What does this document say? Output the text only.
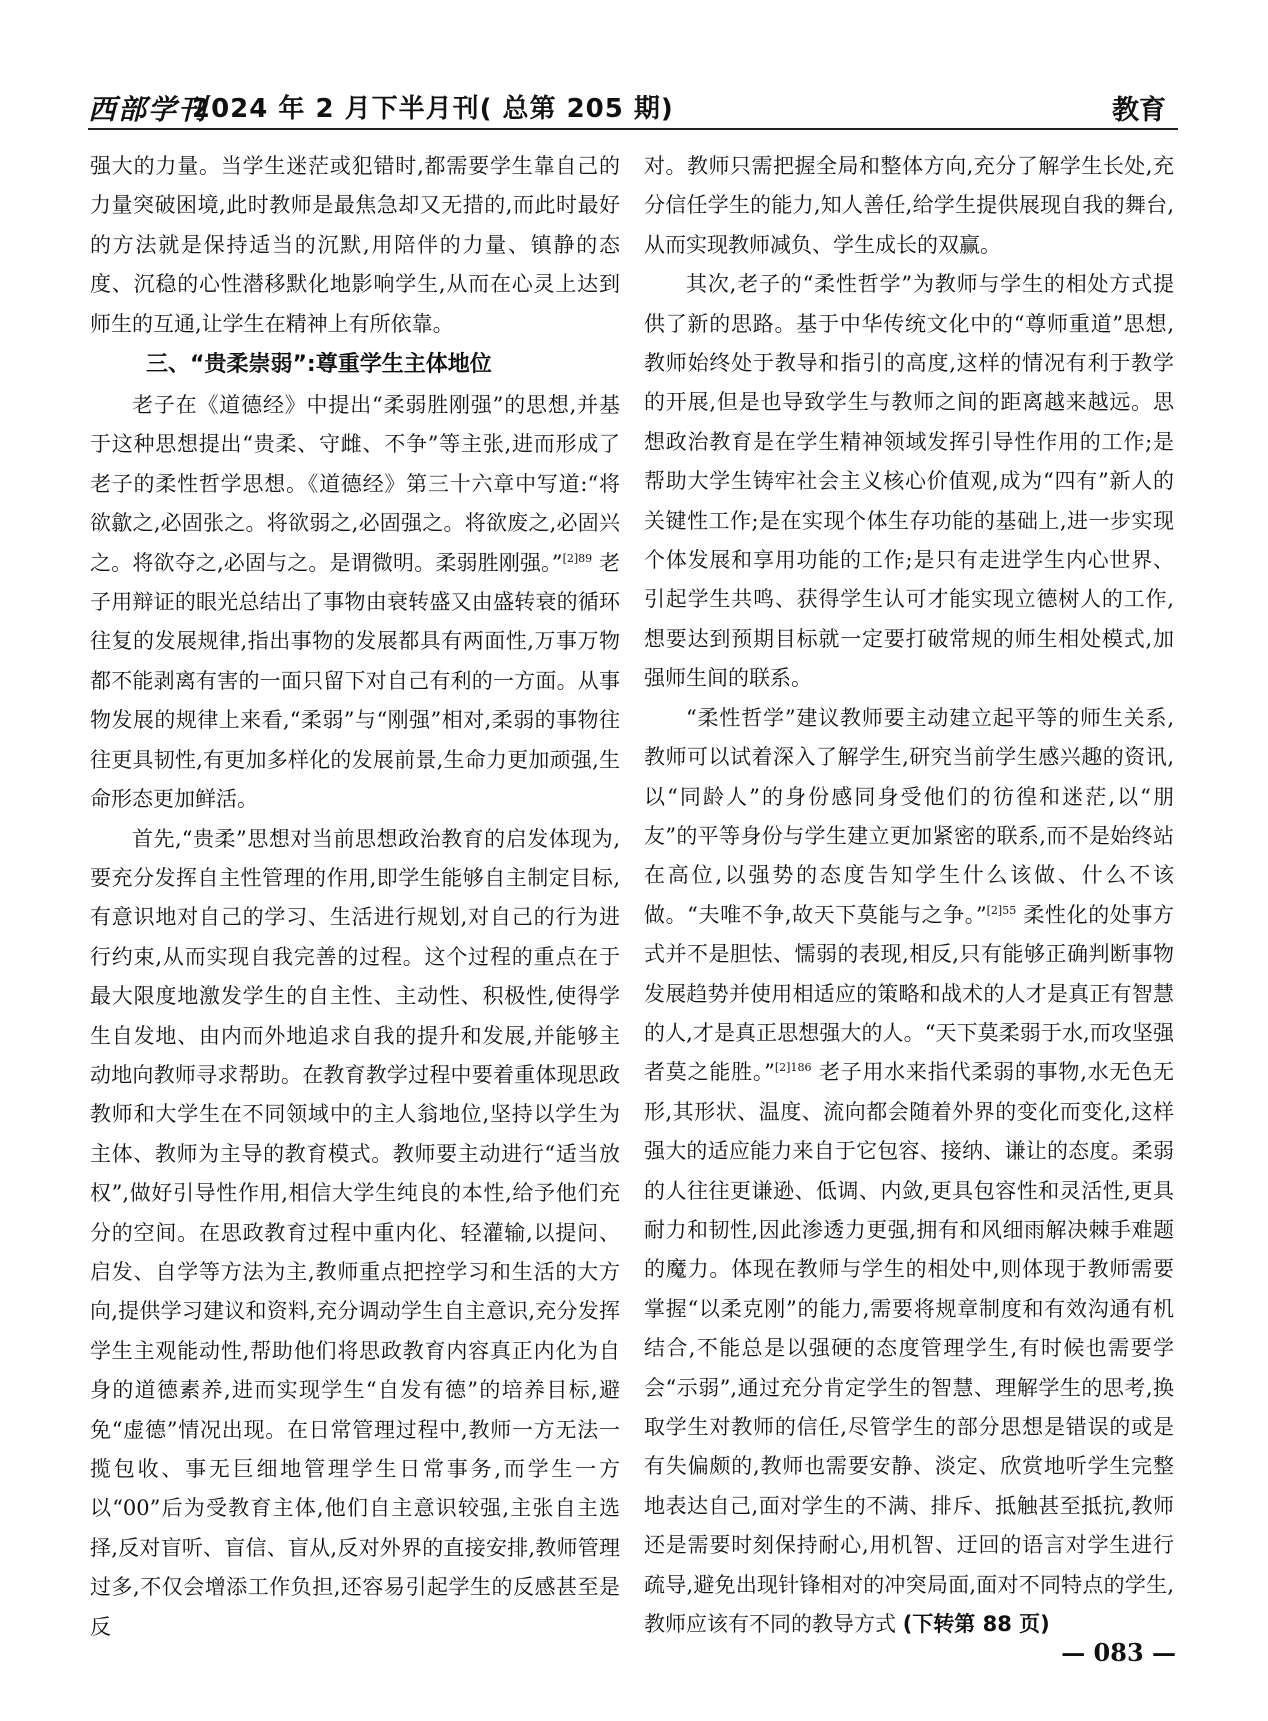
西部学刊
2024 年 2 月下半月刊( 总第 205 期)	教育

强大的力量。当学生迷茫或犯错时,都需要学生靠自己的力量突破困境,此时教师是最焦急却又无措的,而此时最好的方法就是保持适当的沉默,用陪伴的力量、镇静的态度、沉稳的心性潜移默化地影响学生,从而在心灵上达到师生的互通,让学生在精神上有所依靠。

三、“贵柔崇弱”:尊重学生主体地位

老子在《道德经》中提出“柔弱胜刚强”的思想,并基于这种思想提出“贵柔、守雌、不争”等主张,进而形成了老子的柔性哲学思想。《道德经》第三十六章中写道:“将欲歙之,必固张之。将欲弱之,必固强之。将欲废之,必固兴之。将欲夺之,必固与之。是谓微明。柔弱胜刚强。”$^{[2]89}$ 老子用辩证的眼光总结出了事物由衰转盛又由盛转衰的循环往复的发展规律,指出事物的发展都具有两面性,万事万物都不能剥离有害的一面只留下对自己有利的一方面。从事物发展的规律上来看,“柔弱”与“刚强”相对,柔弱的事物往往更具韧性,有更加多样化的发展前景,生命力更加顽强,生命形态更加鲜活。

首先,“贵柔”思想对当前思想政治教育的启发体现为,要充分发挥自主性管理的作用,即学生能够自主制定目标,有意识地对自己的学习、生活进行规划,对自己的行为进行约束,从而实现自我完善的过程。这个过程的重点在于最大限度地激发学生的自主性、主动性、积极性,使得学生自发地、由内而外地追求自我的提升和发展,并能够主动地向教师寻求帮助。在教育教学过程中要着重体现思政教师和大学生在不同领域中的主人翁地位,坚持以学生为主体、教师为主导的教育模式。教师要主动进行“适当放权”,做好引导性作用,相信大学生纯良的本性,给予他们充分的空间。在思政教育过程中重内化、轻灌输,以提问、启发、自学等方法为主,教师重点把控学习和生活的大方向,提供学习建议和资料,充分调动学生自主意识,充分发挥学生主观能动性,帮助他们将思政教育内容真正内化为自身的道德素养,进而实现学生“自发有德”的培养目标,避免“虚德”情况出现。在日常管理过程中,教师一方无法一揽包收、事无巨细地管理学生日常事务,而学生一方以“00”后为受教育主体,他们自主意识较强,主张自主选择,反对盲听、盲信、盲从,反对外界的直接安排,教师管理过多,不仅会增添工作负担,还容易引起学生的反感甚至是反

对。教师只需把握全局和整体方向,充分了解学生长处,充分信任学生的能力,知人善任,给学生提供展现自我的舞台,从而实现教师减负、学生成长的双赢。

其次,老子的“柔性哲学”为教师与学生的相处方式提供了新的思路。基于中华传统文化中的“尊师重道”思想,教师始终处于教导和指引的高度,这样的情况有利于教学的开展,但是也导致学生与教师之间的距离越来越远。思想政治教育是在学生精神领域发挥引导性作用的工作;是帮助大学生铸牢社会主义核心价值观,成为“四有”新人的关键性工作;是在实现个体生存功能的基础上,进一步实现个体发展和享用功能的工作;是只有走进学生内心世界、引起学生共鸣、获得学生认可才能实现立德树人的工作,想要达到预期目标就一定要打破常规的师生相处模式,加强师生间的联系。

“柔性哲学”建议教师要主动建立起平等的师生关系,教师可以试着深入了解学生,研究当前学生感兴趣的资讯,以“同龄人”的身份感同身受他们的彷徨和迷茫,以“朋友”的平等身份与学生建立更加紧密的联系,而不是始终站在高位,以强势的态度告知学生什么该做、什么不该做。“夫唯不争,故天下莫能与之争。”$^{[2]55}$ 柔性化的处事方式并不是胆怯、懦弱的表现,相反,只有能够正确判断事物发展趋势并使用相适应的策略和战术的人才是真正有智慧的人,才是真正思想强大的人。“天下莫柔弱于水,而攻坚强者莫之能胜。”$^{[2]186}$ 老子用水来指代柔弱的事物,水无色无形,其形状、温度、流向都会随着外界的变化而变化,这样强大的适应能力来自于它包容、接纳、谦让的态度。柔弱的人往往更谦逊、低调、内敛,更具包容性和灵活性,更具耐力和韧性,因此渗透力更强,拥有和风细雨解决棘手难题的魔力。体现在教师与学生的相处中,则体现于教师需要掌握“以柔克刚”的能力,需要将规章制度和有效沟通有机结合,不能总是以强硬的态度管理学生,有时候也需要学会“示弱”,通过充分肯定学生的智慧、理解学生的思考,换取学生对教师的信任,尽管学生的部分思想是错误的或是有失偏颇的,教师也需要安静、淡定、欣赏地听学生完整地表达自己,面对学生的不满、排斥、抵触甚至抵抗,教师还是需要时刻保持耐心,用机智、迂回的语言对学生进行疏导,避免出现针锋相对的冲突局面,面对不同特点的学生,教师应该有不同的教导方式 (下转第 88 页)

— 083 —
